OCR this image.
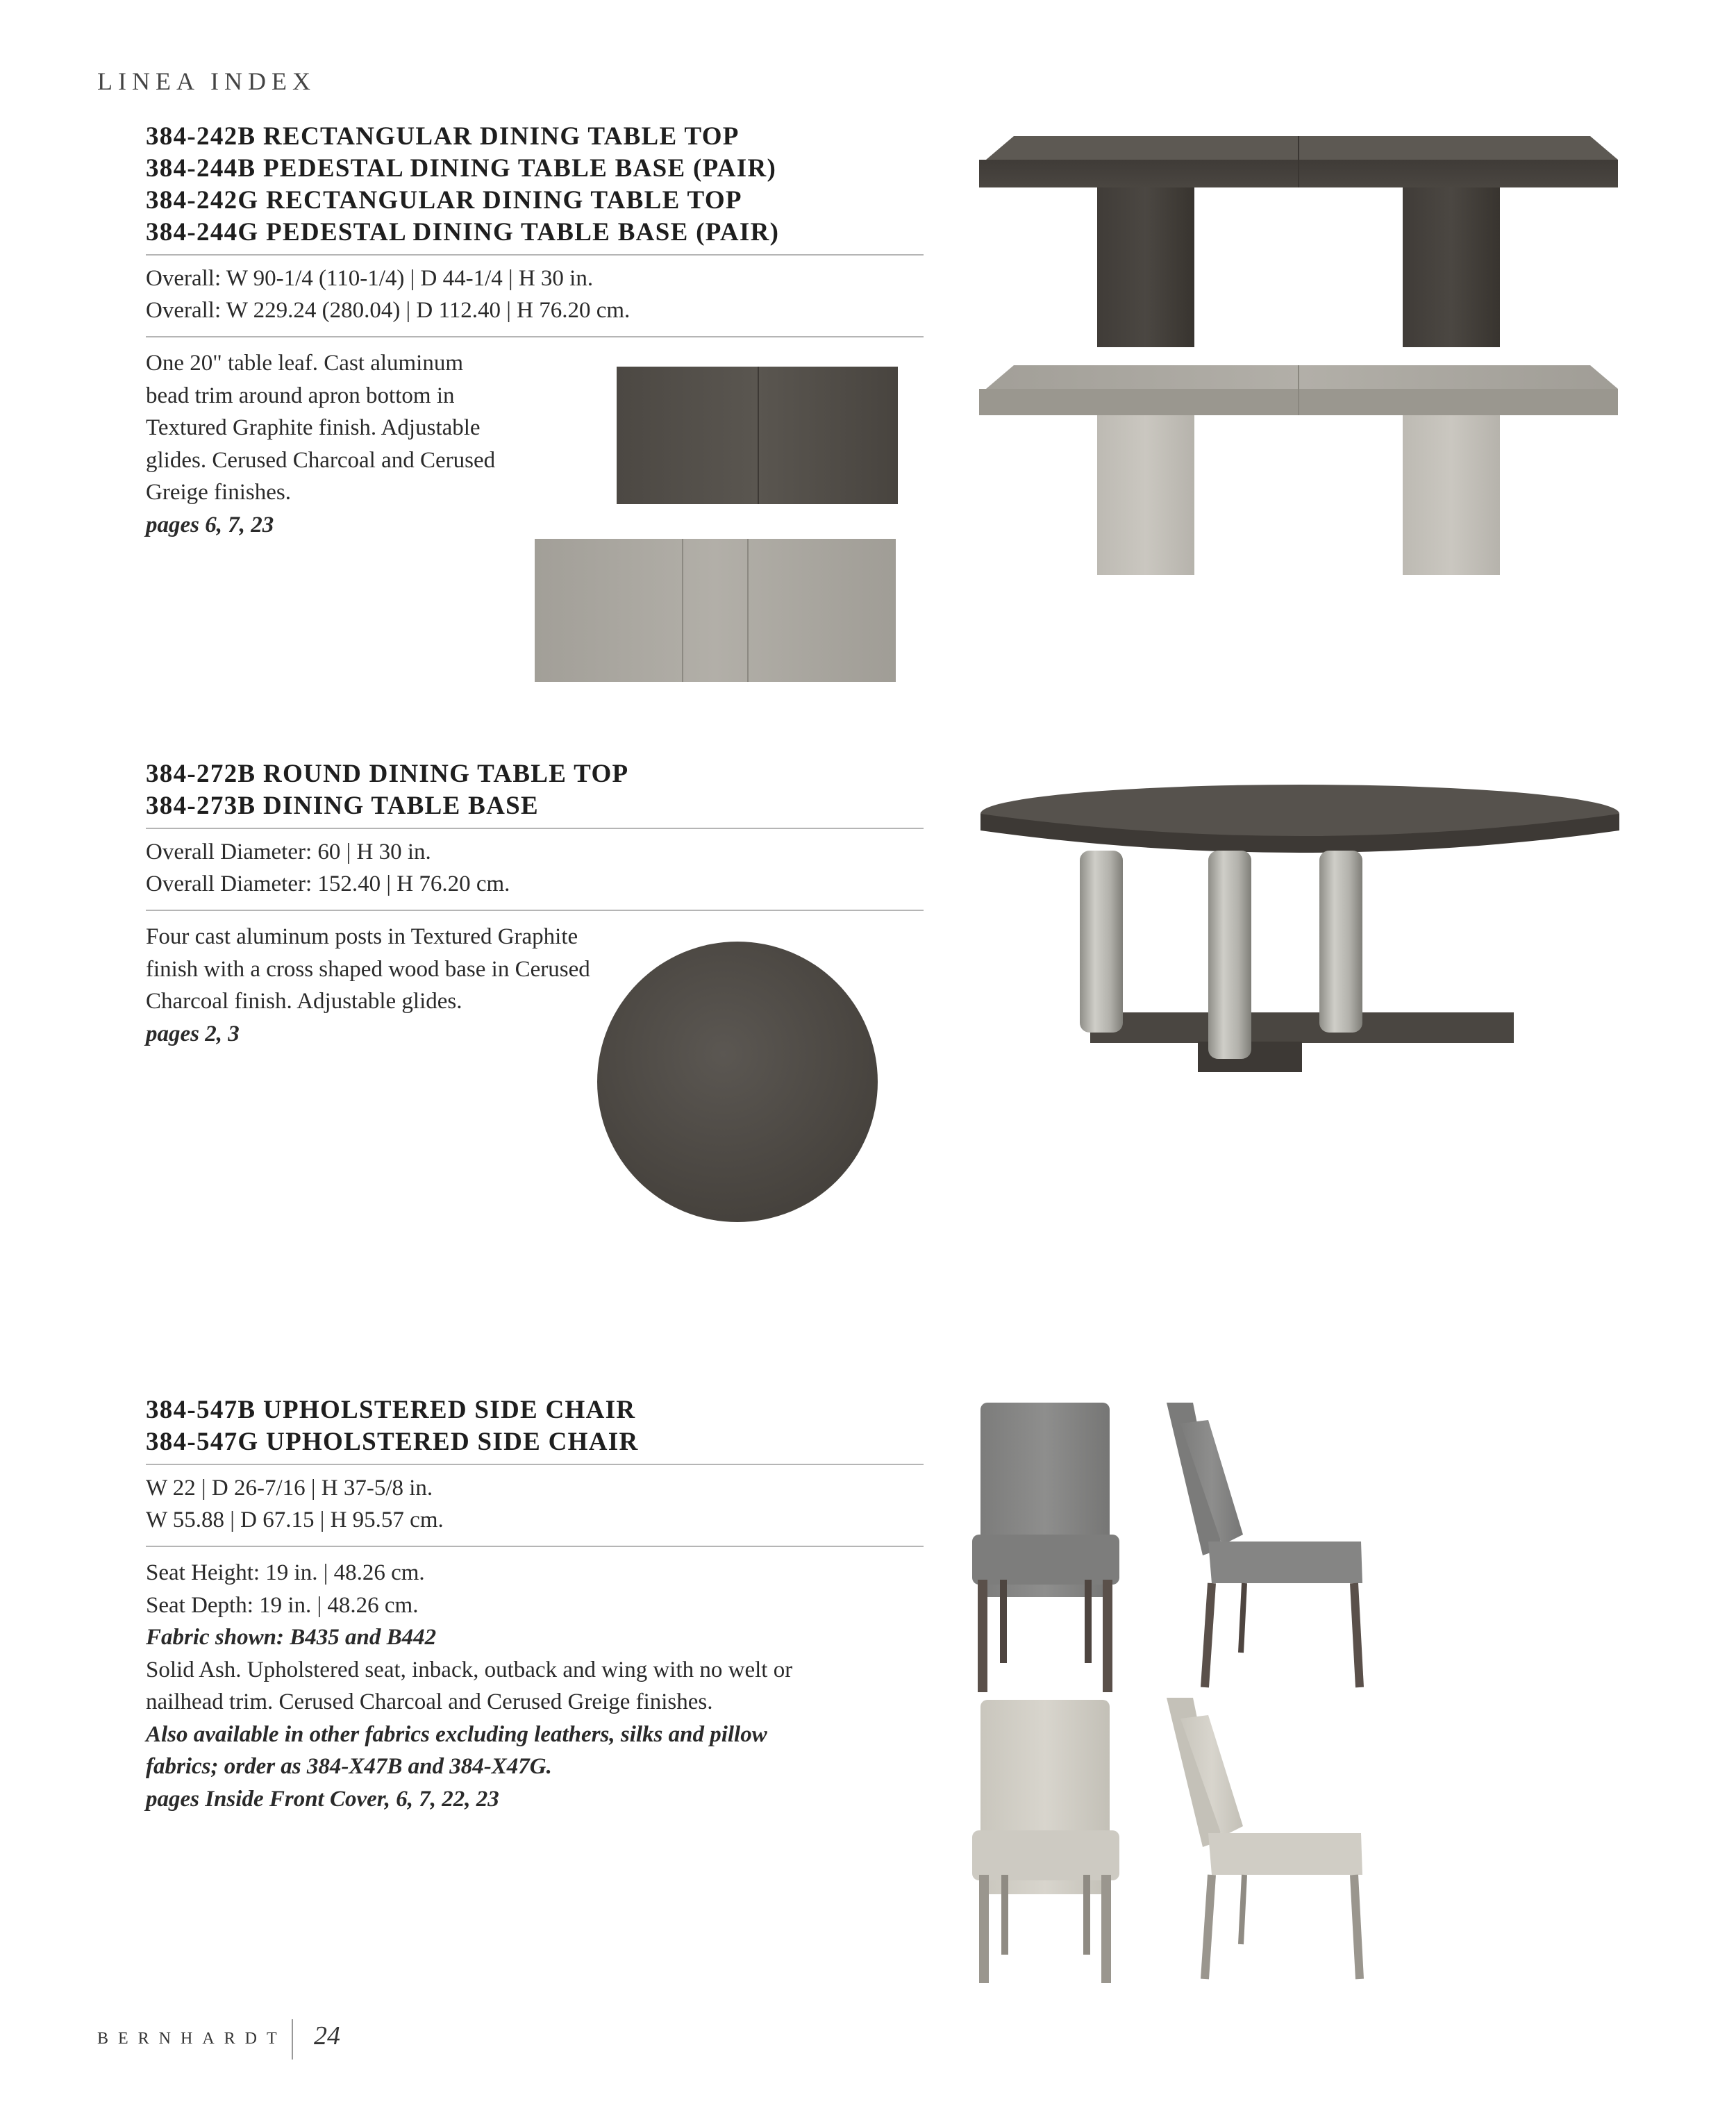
LINEA INDEX
384-242B RECTANGULAR DINING TABLE TOP
384-244B PEDESTAL DINING TABLE BASE (PAIR)
384-242G RECTANGULAR DINING TABLE TOP
384-244G PEDESTAL DINING TABLE BASE (PAIR)
Overall: W 90-1/4 (110-1/4) | D 44-1/4 | H 30 in.
Overall: W 229.24 (280.04) | D 112.40 | H 76.20 cm.
One 20" table leaf. Cast aluminum
bead trim around apron bottom in
Textured Graphite finish. Adjustable
glides. Cerused Charcoal and Cerused
Greige finishes.
pages 6, 7, 23
384-272B ROUND DINING TABLE TOP
384-273B DINING TABLE BASE
Overall Diameter: 60 | H 30 in.
Overall Diameter: 152.40 | H 76.20 cm.
Four cast aluminum posts in Textured Graphite
finish with a cross shaped wood base in Cerused
Charcoal finish. Adjustable glides.
pages 2, 3
384-547B UPHOLSTERED SIDE CHAIR
384-547G UPHOLSTERED SIDE CHAIR
W 22 | D 26-7/16 | H 37-5/8 in.
W 55.88 | D 67.15 | H 95.57 cm.
Seat Height: 19 in. | 48.26 cm.
Seat Depth: 19 in. | 48.26 cm.
Fabric shown: B435 and B442
Solid Ash. Upholstered seat, inback, outback and wing with no welt or
nailhead trim. Cerused Charcoal and Cerused Greige finishes.
Also available in other fabrics excluding leathers, silks and pillow
fabrics; order as 384-X47B and 384-X47G.
pages Inside Front Cover, 6, 7, 22, 23
BERNHARDT 24
